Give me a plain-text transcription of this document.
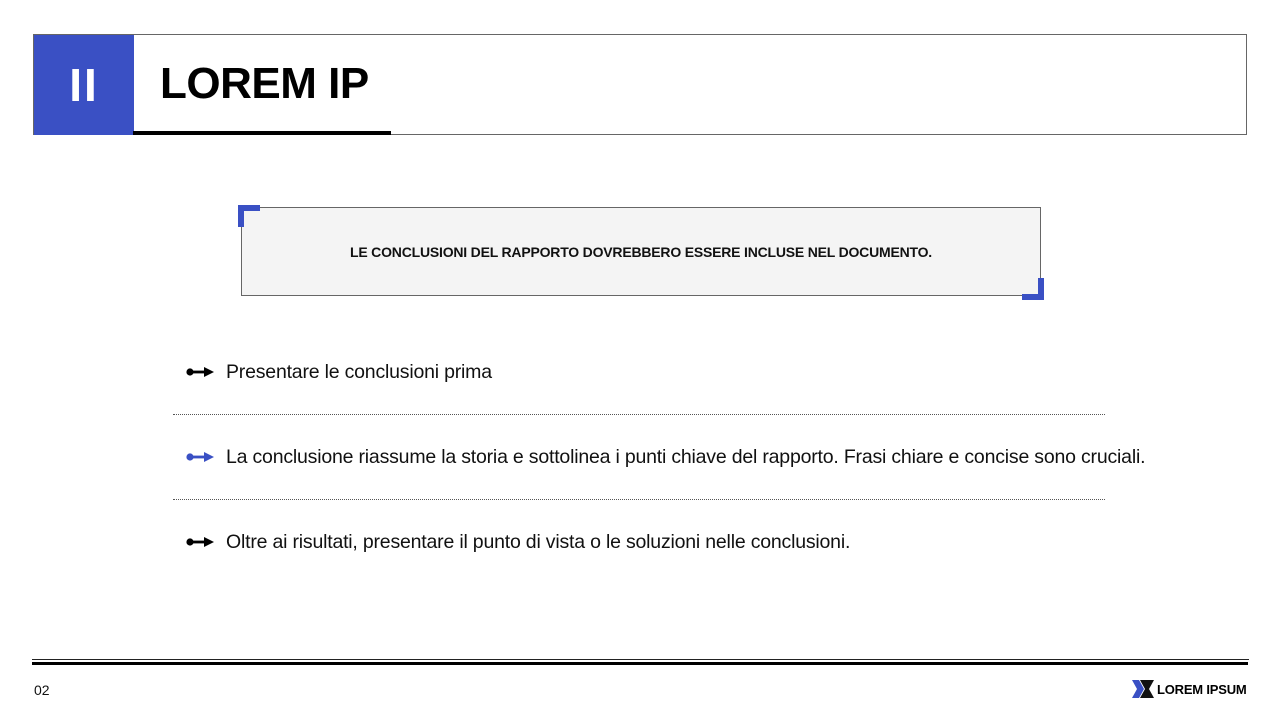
II LOREM IP
LE CONCLUSIONI DEL RAPPORTO DOVREBBERO ESSERE INCLUSE NEL DOCUMENTO.
Presentare le conclusioni prima
La conclusione riassume la storia e sottolinea i punti chiave del rapporto. Frasi chiare e concise sono cruciali.
Oltre ai risultati, presentare il punto di vista o le soluzioni nelle conclusioni.
02	LOREM IPSUM
